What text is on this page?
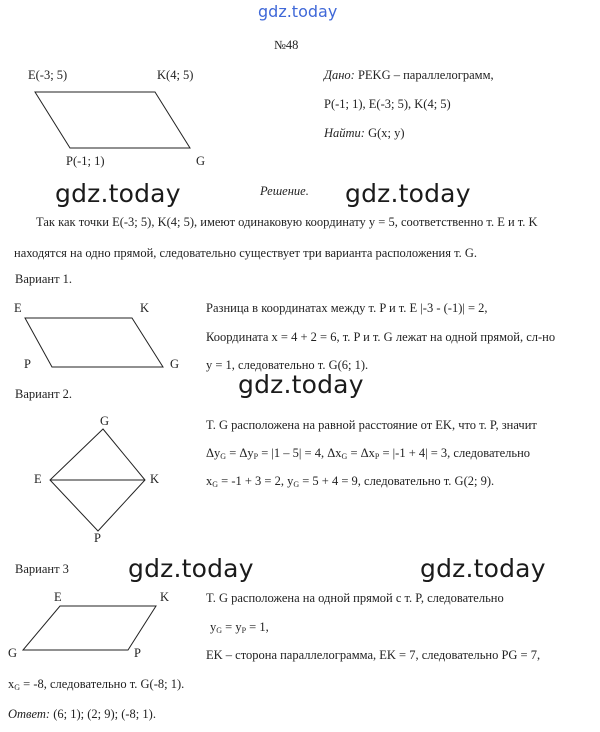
gdz.today
№48
E(-3; 5)	K(4; 5)
P(-1; 1)	G
Дано: PEKG – параллелограмм,
P(-1; 1), E(-3; 5), K(4; 5)
Найти: G(x; y)
gdz.today	gdz.today
Решение.
Так как точки E(-3; 5), K(4; 5), имеют одинаковую координату y = 5, соответственно т. E и т. K
находятся на одно прямой, следовательно существует три варианта расположения т. G.
Вариант 1.
E	K
P	G
Разница в координатах между т. P и т. E |-3 - (-1)| = 2,
Координата x = 4 + 2 = 6, т. P и т. G лежат на одной прямой, сл-но
y = 1, следовательно т. G(6; 1).
gdz.today
Вариант 2.
G
E	K
P
T. G расположена на равной расстояние от EK, что т. P, значит
$\Delta y_G = \Delta y_P = |1 - 5| = 4$, $\Delta x_G = \Delta x_P = |-1 + 4| = 3$, следовательно
$x_G = -1 + 3 = 2$, $y_G = 5 + 4 = 9$, следовательно т. G(2; 9).
gdz.today	gdz.today
Вариант 3
E	K
G	P
T. G расположена на одной прямой с т. P, следовательно
$y_G = y_P = 1$,
EK – сторона параллелограмма, EK = 7, следовательно PG = 7,
$x_G = -8$, следовательно т. G(-8; 1).
Ответ: (6; 1); (2; 9); (-8; 1).
